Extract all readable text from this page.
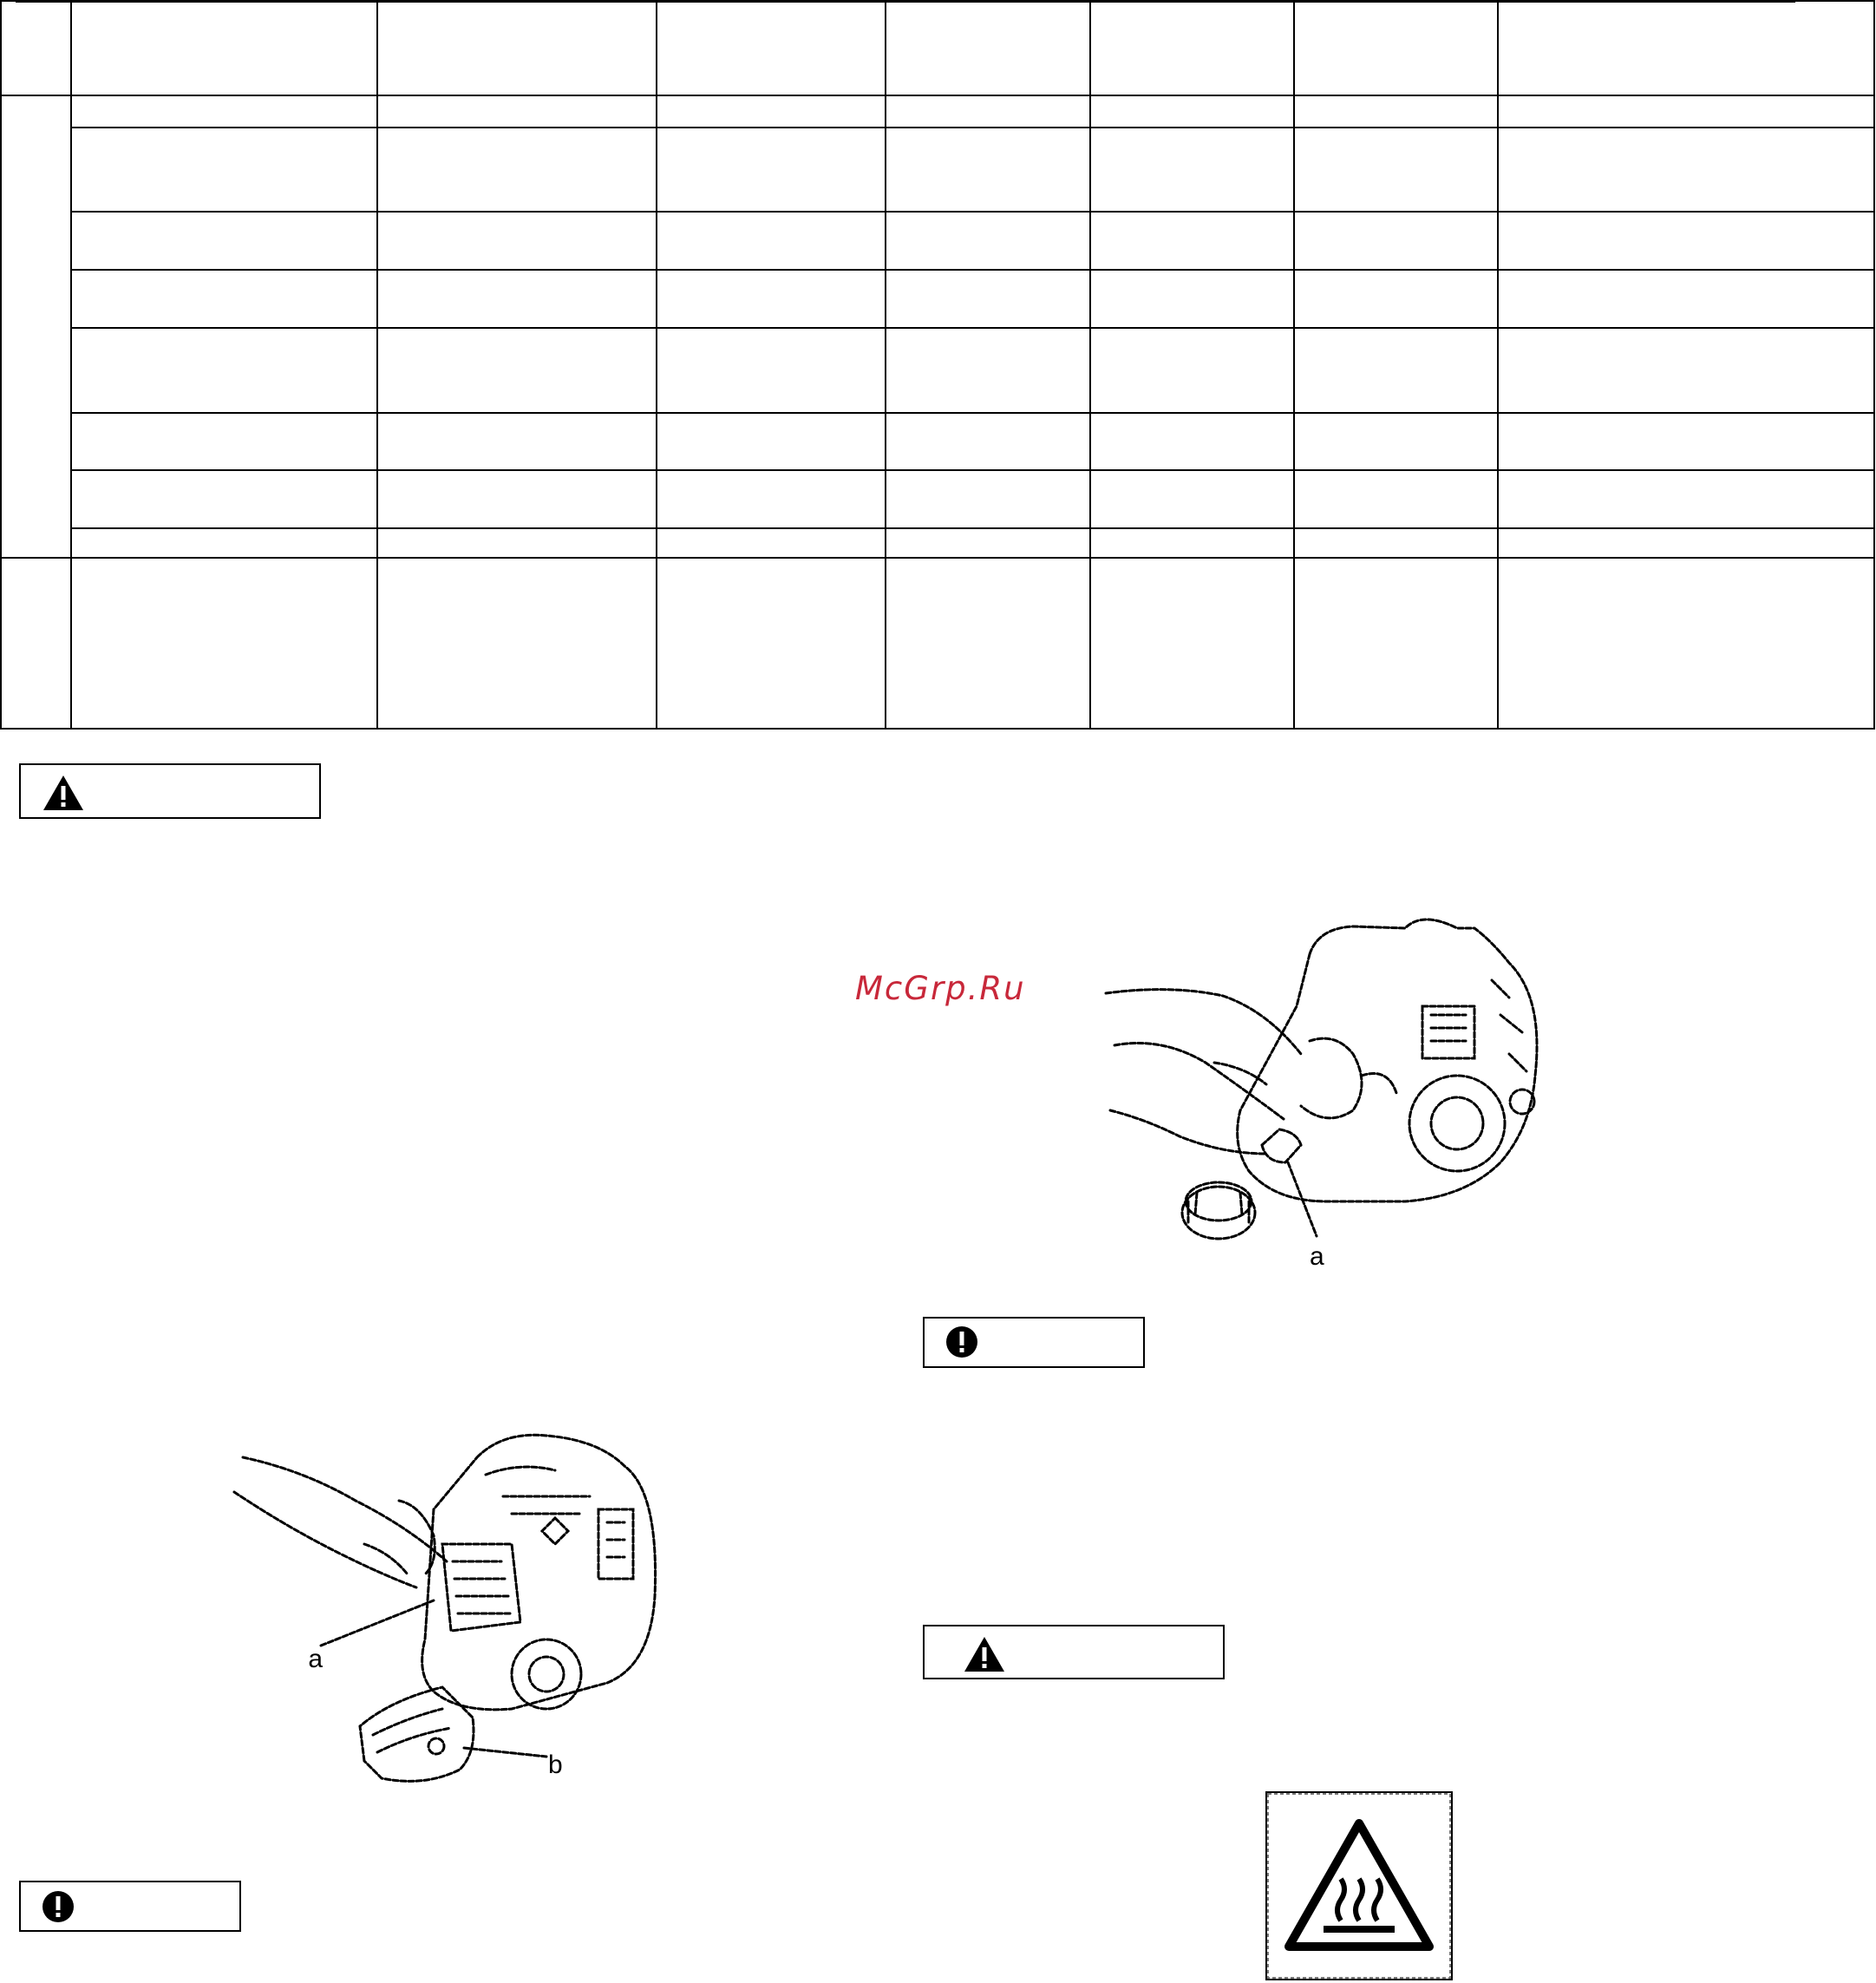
McGrp.Ru
a
a
b
